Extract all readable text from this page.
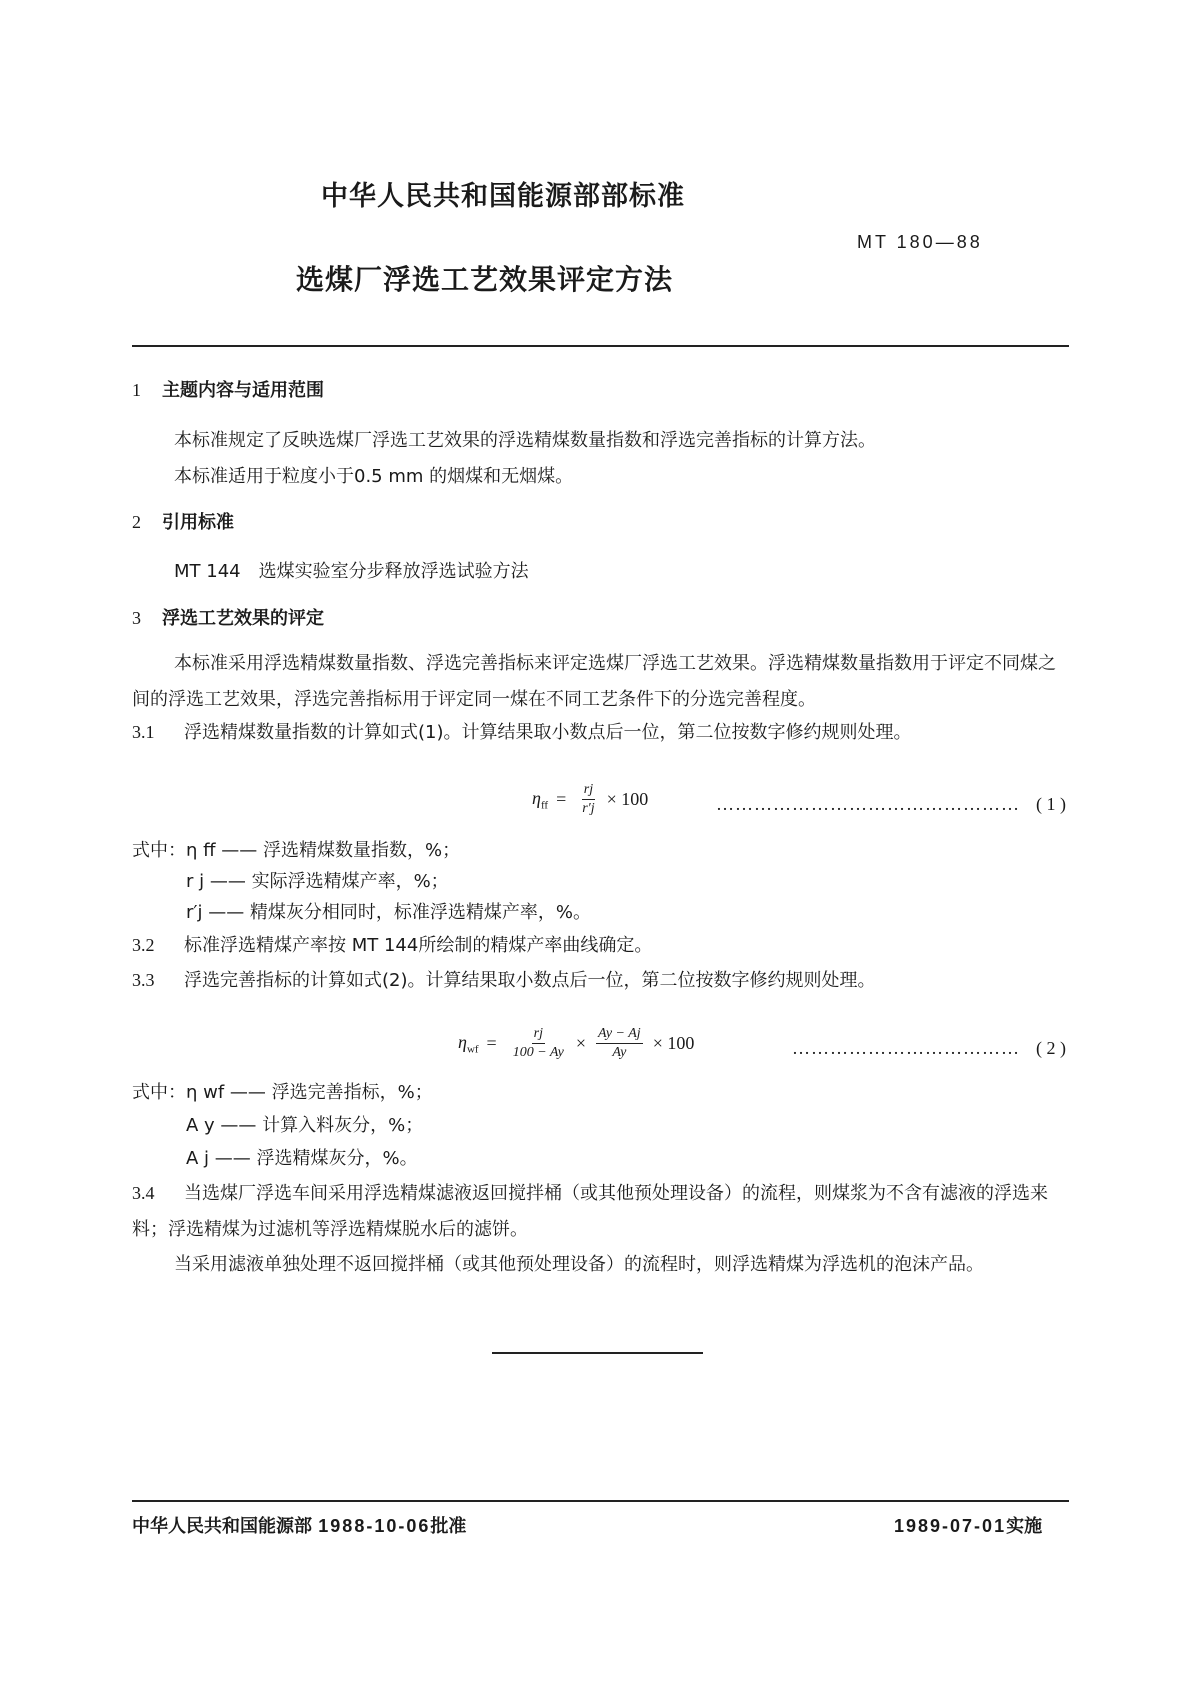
中华人民共和国能源部部标准
MT 180—88
选煤厂浮选工艺效果评定方法
1 主题内容与适用范围
本标准规定了反映选煤厂浮选工艺效果的浮选精煤数量指数和浮选完善指标的计算方法。
本标准适用于粒度小于0.5 mm 的烟煤和无烟煤。
2 引用标准
MT 144　选煤实验室分步释放浮选试验方法
3 浮选工艺效果的评定
本标准采用浮选精煤数量指数、浮选完善指标来评定选煤厂浮选工艺效果。浮选精煤数量指数用于评定不同煤之间的浮选工艺效果，浮选完善指标用于评定同一煤在不同工艺条件下的分选完善程度。
3.1 浮选精煤数量指数的计算如式(1)。计算结果取小数点后一位，第二位按数字修约规则处理。
$\eta_{ff} = \frac{rj}{r'j} \times 100$	………………………………………… ( 1 )
式中： η ff —— 浮选精煤数量指数，%；
r j —— 实际浮选精煤产率，%；
r′j —— 精煤灰分相同时，标准浮选精煤产率，%。
3.2 标准浮选精煤产率按 MT 144所绘制的精煤产率曲线确定。
3.3 浮选完善指标的计算如式(2)。计算结果取小数点后一位，第二位按数字修约规则处理。
$\eta_{wf} = \frac{rj}{100 - Ay} \times \frac{Ay - Aj}{Ay} \times 100$	……………………………… ( 2 )
式中： η wf —— 浮选完善指标，%；
A y —— 计算入料灰分，%；
A j —— 浮选精煤灰分，%。
3.4 当选煤厂浮选车间采用浮选精煤滤液返回搅拌桶（或其他预处理设备）的流程，则煤浆为不含有滤液的浮选来料；浮选精煤为过滤机等浮选精煤脱水后的滤饼。
当采用滤液单独处理不返回搅拌桶（或其他预处理设备）的流程时，则浮选精煤为浮选机的泡沫产品。
中华人民共和国能源部 1988-10-06批准	1989-07-01实施
